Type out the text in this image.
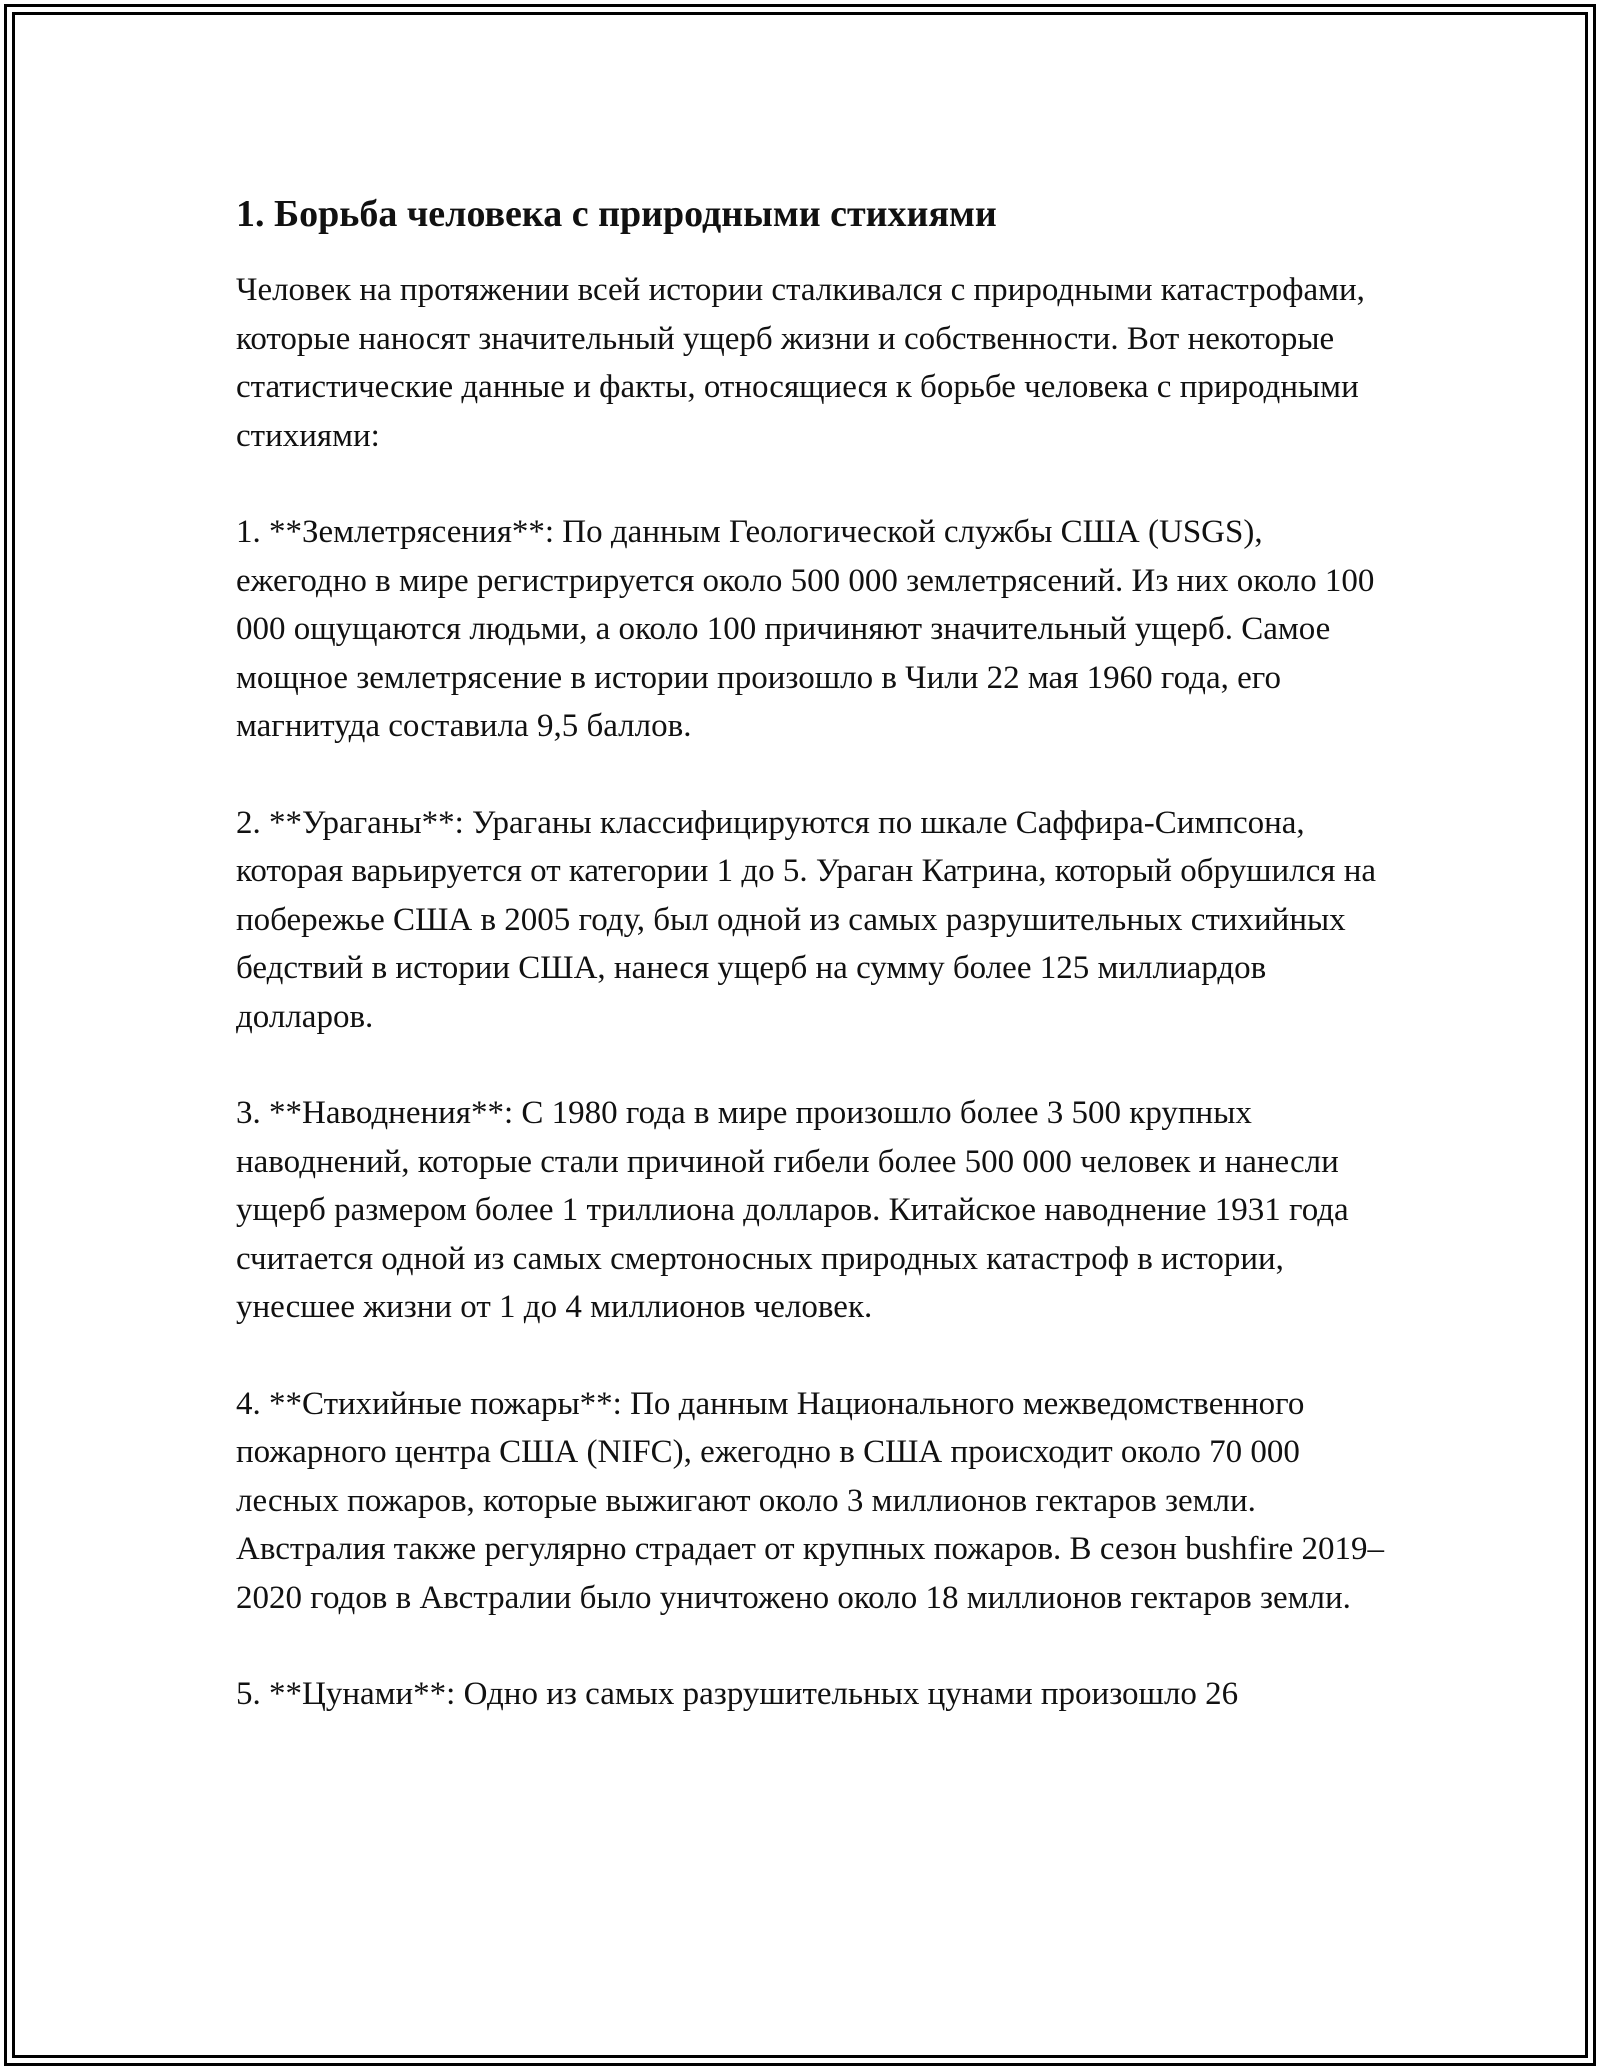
1. Борьба человека с природными стихиями

Человек на протяжении всей истории сталкивался с природными катастрофами, которые наносят значительный ущерб жизни и собственности. Вот некоторые статистические данные и факты, относящиеся к борьбе человека с природными стихиями:

1. **Землетрясения**: По данным Геологической службы США (USGS), ежегодно в мире регистрируется около 500 000 землетрясений. Из них около 100 000 ощущаются людьми, а около 100 причиняют значительный ущерб. Самое мощное землетрясение в истории произошло в Чили 22 мая 1960 года, его магнитуда составила 9,5 баллов.

2. **Ураганы**: Ураганы классифицируются по шкале Саффира-Симпсона, которая варьируется от категории 1 до 5. Ураган Катрина, который обрушился на побережье США в 2005 году, был одной из самых разрушительных стихийных бедствий в истории США, нанеся ущерб на сумму более 125 миллиардов долларов.

3. **Наводнения**: С 1980 года в мире произошло более 3 500 крупных наводнений, которые стали причиной гибели более 500 000 человек и нанесли ущерб размером более 1 триллиона долларов. Китайское наводнение 1931 года считается одной из самых смертоносных природных катастроф в истории, унесшее жизни от 1 до 4 миллионов человек.

4. **Стихийные пожары**: По данным Национального межведомственного пожарного центра США (NIFC), ежегодно в США происходит около 70 000 лесных пожаров, которые выжигают около 3 миллионов гектаров земли. Австралия также регулярно страдает от крупных пожаров. В сезон bushfire 2019–2020 годов в Австралии было уничтожено около 18 миллионов гектаров земли.

5. **Цунами**: Одно из самых разрушительных цунами произошло 26
